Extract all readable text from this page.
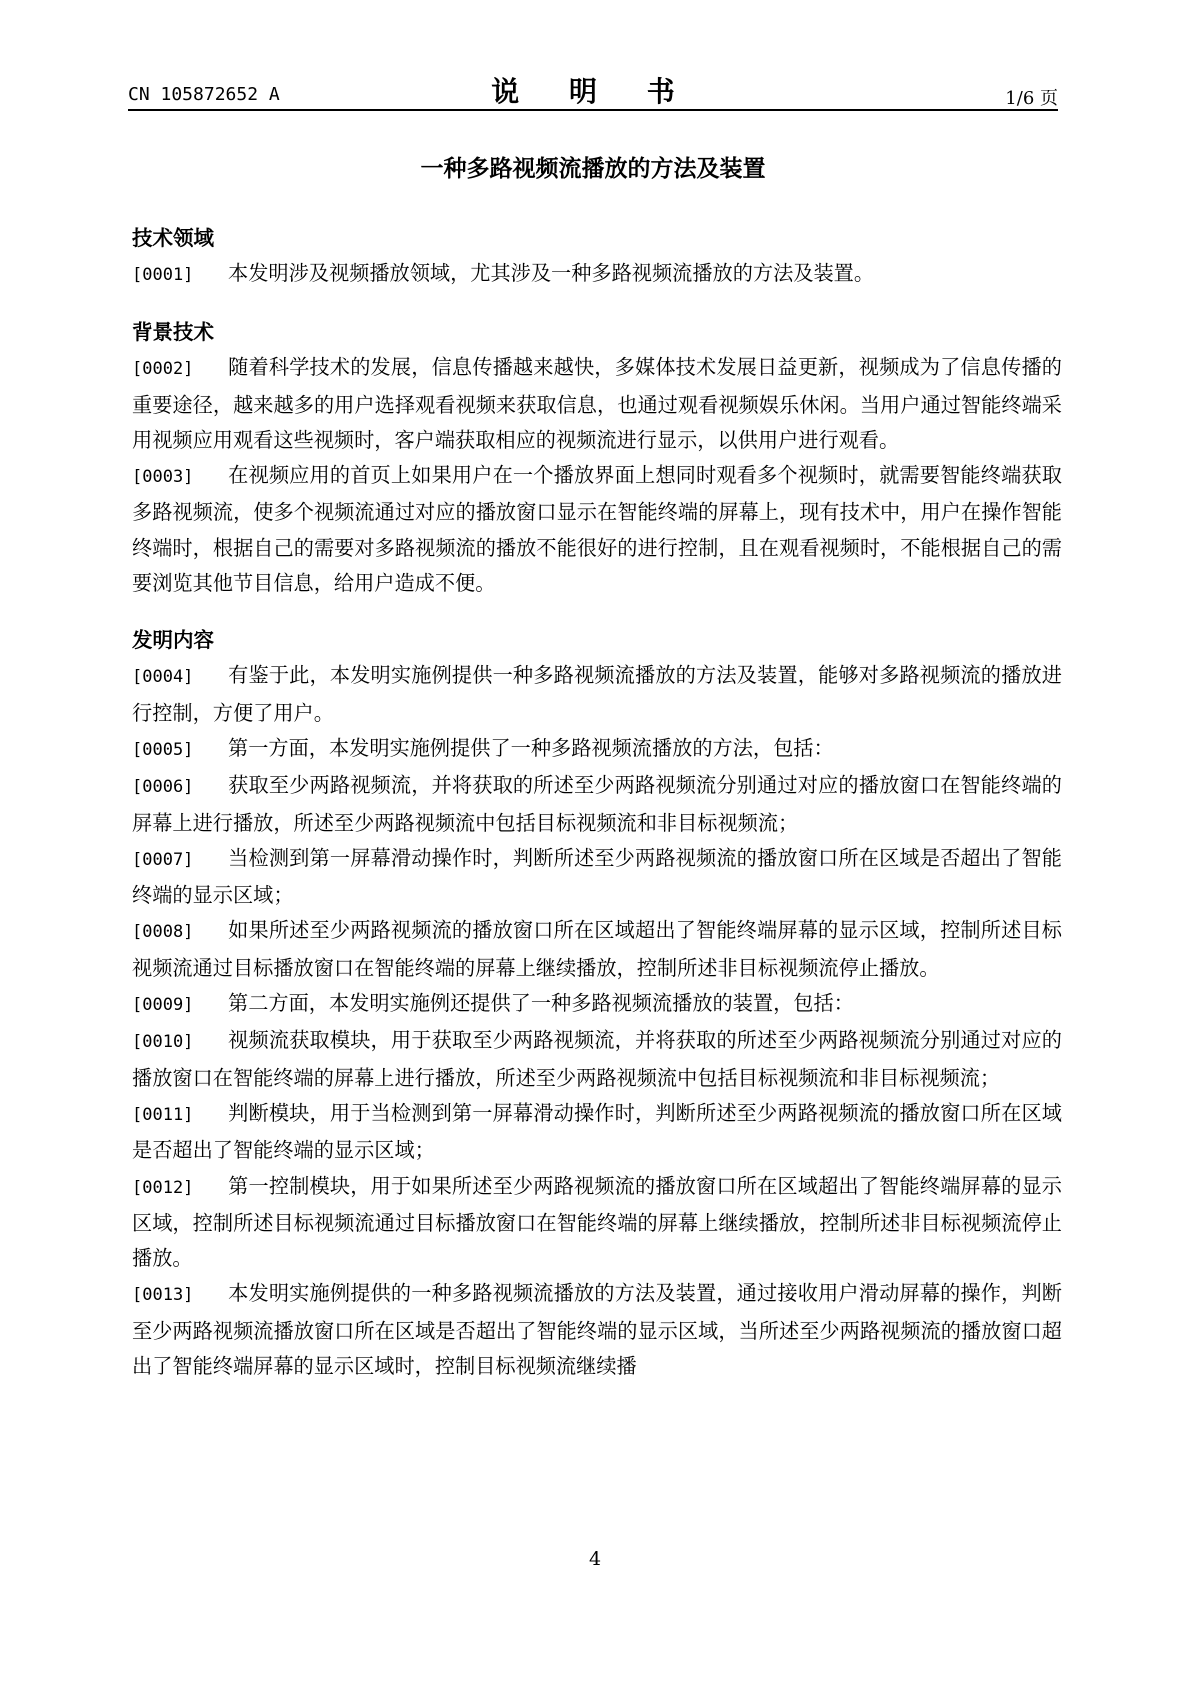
CN 105872652 A	说 明 书	1/6 页
一种多路视频流播放的方法及装置

技术领域

[0001] 本发明涉及视频播放领域，尤其涉及一种多路视频流播放的方法及装置。

背景技术

[0002] 随着科学技术的发展，信息传播越来越快，多媒体技术发展日益更新，视频成为了信息传播的重要途径，越来越多的用户选择观看视频来获取信息，也通过观看视频娱乐休闲。当用户通过智能终端采用视频应用观看这些视频时，客户端获取相应的视频流进行显示，以供用户进行观看。

[0003] 在视频应用的首页上如果用户在一个播放界面上想同时观看多个视频时，就需要智能终端获取多路视频流，使多个视频流通过对应的播放窗口显示在智能终端的屏幕上，现有技术中，用户在操作智能终端时，根据自己的需要对多路视频流的播放不能很好的进行控制，且在观看视频时，不能根据自己的需要浏览其他节目信息，给用户造成不便。

发明内容

[0004] 有鉴于此，本发明实施例提供一种多路视频流播放的方法及装置，能够对多路视频流的播放进行控制，方便了用户。

[0005] 第一方面，本发明实施例提供了一种多路视频流播放的方法，包括：

[0006] 获取至少两路视频流，并将获取的所述至少两路视频流分别通过对应的播放窗口在智能终端的屏幕上进行播放，所述至少两路视频流中包括目标视频流和非目标视频流；

[0007] 当检测到第一屏幕滑动操作时，判断所述至少两路视频流的播放窗口所在区域是否超出了智能终端的显示区域；

[0008] 如果所述至少两路视频流的播放窗口所在区域超出了智能终端屏幕的显示区域，控制所述目标视频流通过目标播放窗口在智能终端的屏幕上继续播放，控制所述非目标视频流停止播放。

[0009] 第二方面，本发明实施例还提供了一种多路视频流播放的装置，包括：

[0010] 视频流获取模块，用于获取至少两路视频流，并将获取的所述至少两路视频流分别通过对应的播放窗口在智能终端的屏幕上进行播放，所述至少两路视频流中包括目标视频流和非目标视频流；

[0011] 判断模块，用于当检测到第一屏幕滑动操作时，判断所述至少两路视频流的播放窗口所在区域是否超出了智能终端的显示区域；

[0012] 第一控制模块，用于如果所述至少两路视频流的播放窗口所在区域超出了智能终端屏幕的显示区域，控制所述目标视频流通过目标播放窗口在智能终端的屏幕上继续播放，控制所述非目标视频流停止播放。

[0013] 本发明实施例提供的一种多路视频流播放的方法及装置，通过接收用户滑动屏幕的操作，判断至少两路视频流播放窗口所在区域是否超出了智能终端的显示区域，当所述至少两路视频流的播放窗口超出了智能终端屏幕的显示区域时，控制目标视频流继续播

4
